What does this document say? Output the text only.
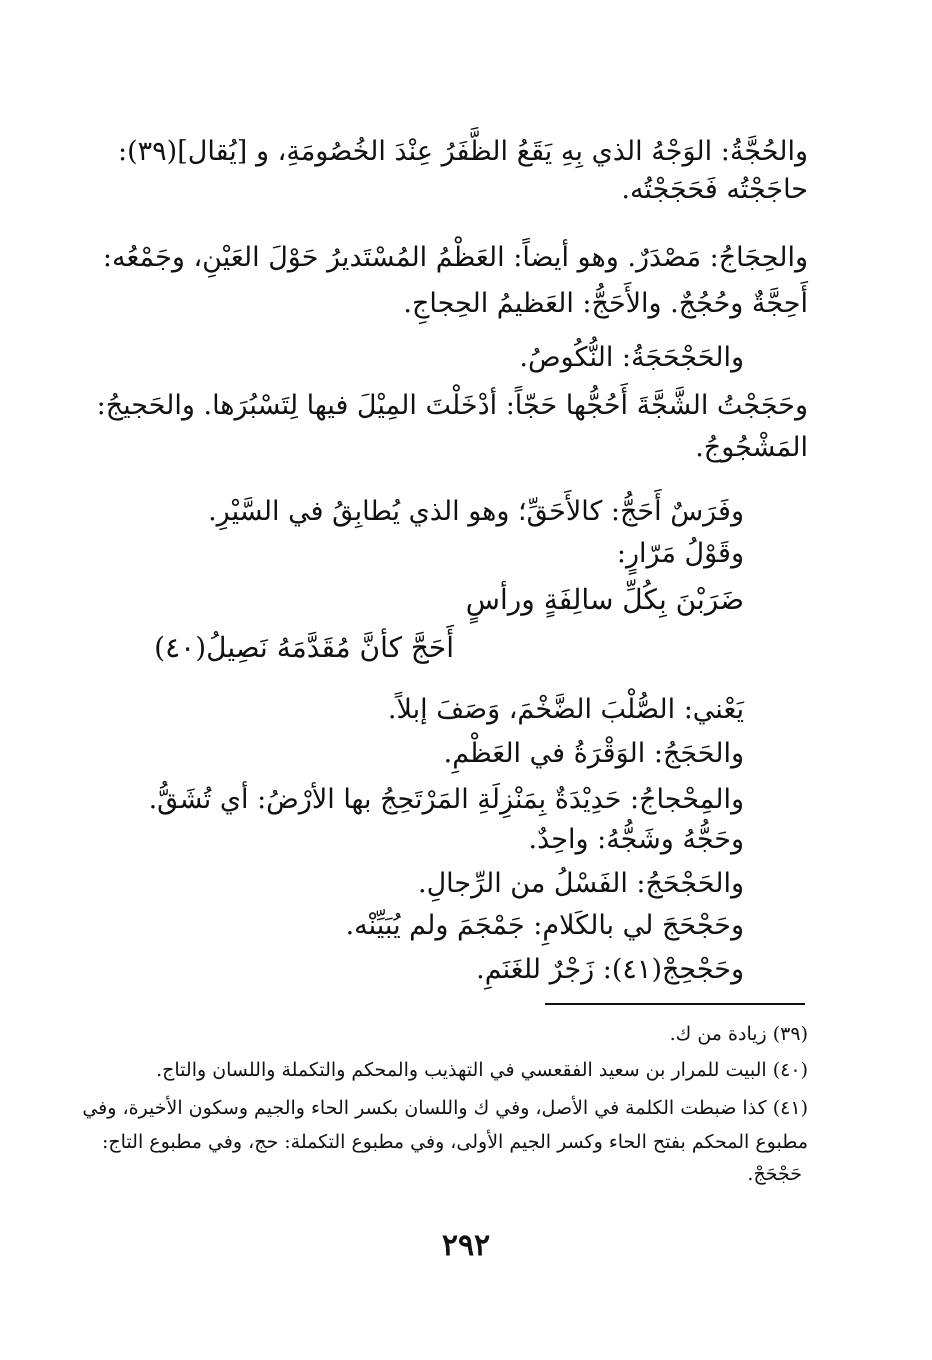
والحُجَّةُ: الوَجْهُ الذي بِهِ يَقَعُ الظَّفَرُ عِنْدَ الخُصُومَةِ، و [يُقال](٣٩):
حاجَجْتُه فَحَجَجْتُه.
والحِجَاجُ: مَصْدَرٌ. وهو أيضاً: العَظْمُ المُسْتَديرُ حَوْلَ العَيْنِ، وجَمْعُه:
أَحِجَّةٌ وحُجُجٌ. والأَحَجُّ: العَظيمُ الحِجاجِ.
والحَجْحَجَةُ: النُّكُوصُ.
وحَجَجْتُ الشَّجَّةَ أَحُجُّها حَجّاً: أدْخَلْتَ المِيْلَ فيها لِتَسْبُرَها. والحَجيجُ:
المَشْجُوجُ.
وفَرَسٌ أَحَجُّ: كالأَحَقِّ؛ وهو الذي يُطابِقُ في السَّيْرِ.
وقَوْلُ مَرّارٍ:
ضَرَبْنَ بِكُلِّ سالِفَةٍ ورأسٍ
أَحَجَّ كأنَّ مُقَدَّمَهُ نَصِيلُ(٤٠)
يَعْني: الصُّلْبَ الضَّخْمَ، وَصَفَ إبلاً.
والحَجَجُ: الوَقْرَةُ في العَظْمِ.
والمِحْجاجُ: حَدِيْدَةٌ بِمَنْزِلَةِ المَرْتَحِجُ بها الأرْضُ: أي تُشَقُّ.
وحَجُّهُ وشَجُّهُ: واحِدٌ.
والحَجْحَجُ: الفَسْلُ من الرِّجالِ.
وحَجْحَجَ لي بالكَلامِ: جَمْجَمَ ولم يُبَيِّنْه.
وحَجْحِجْ(٤١): زَجْرٌ للغَنَمِ.
(٣٩) زيادة من ك.
(٤٠) البيت للمرار بن سعيد الفقعسي في التهذيب والمحكم والتكملة واللسان والتاج.
(٤١) كذا ضبطت الكلمة في الأصل، وفي ك واللسان بكسر الحاء والجيم وسكون الأخيرة، وفي
مطبوع المحكم بفتح الحاء وكسر الجيم الأولى، وفي مطبوع التكملة: حج، وفي مطبوع التاج:
حَجْحَجْ.
٢٩٢
